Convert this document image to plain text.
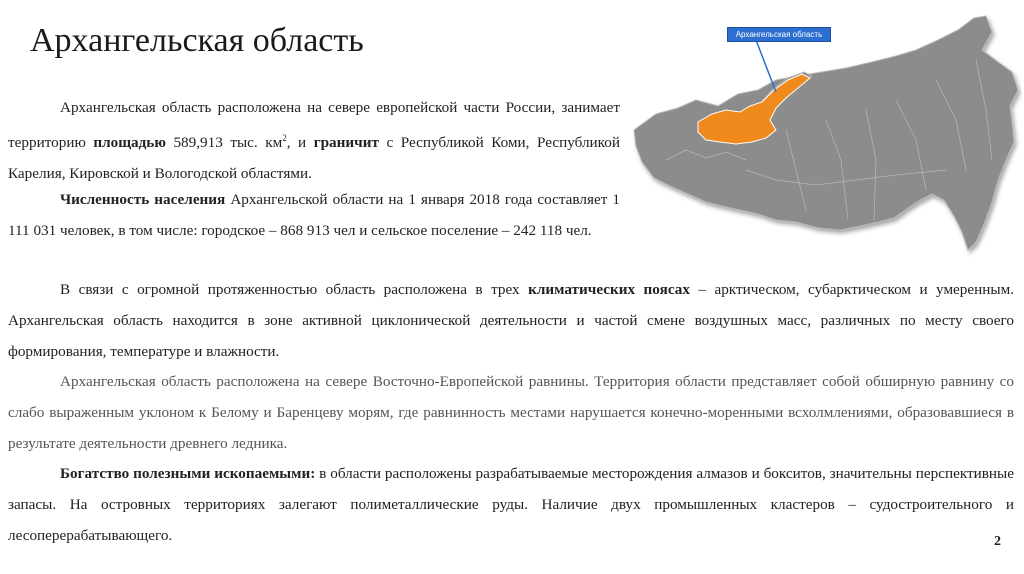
Архангельская область
Архангельская область расположена на севере европейской части России, занимает территорию площадью 589,913 тыс. $км^2$, и граничит с Республикой Коми, Республикой Карелия, Кировской и Вологодской областями.
Численность населения Архангельской области на 1 января 2018 года составляет 1 111 031 человек, в том числе: городское – 868 913 чел и сельское поселение – 242 118 чел.
В связи с огромной протяженностью область расположена в трех климатических поясах – арктическом, субарктическом и умеренным. Архангельская область находится в зоне активной циклонической деятельности и частой смене воздушных масс, различных по месту своего формирования, температуре и влажности.
Архангельская область расположена на севере Восточно-Европейской равнины. Территория области представляет собой обширную равнину со слабо выраженным уклоном к Белому и Баренцеву морям, где равнинность местами нарушается конечно-моренными всхолмлениями, образовавшиеся в результате деятельности древнего ледника.
Богатство полезными ископаемыми: в области расположены разрабатываемые месторождения алмазов и бокситов, значительны перспективные запасы. На островных территориях залегают полиметаллические руды. Наличие двух промышленных кластеров – судостроительного и лесоперерабатывающего.
Архангельская область
2
